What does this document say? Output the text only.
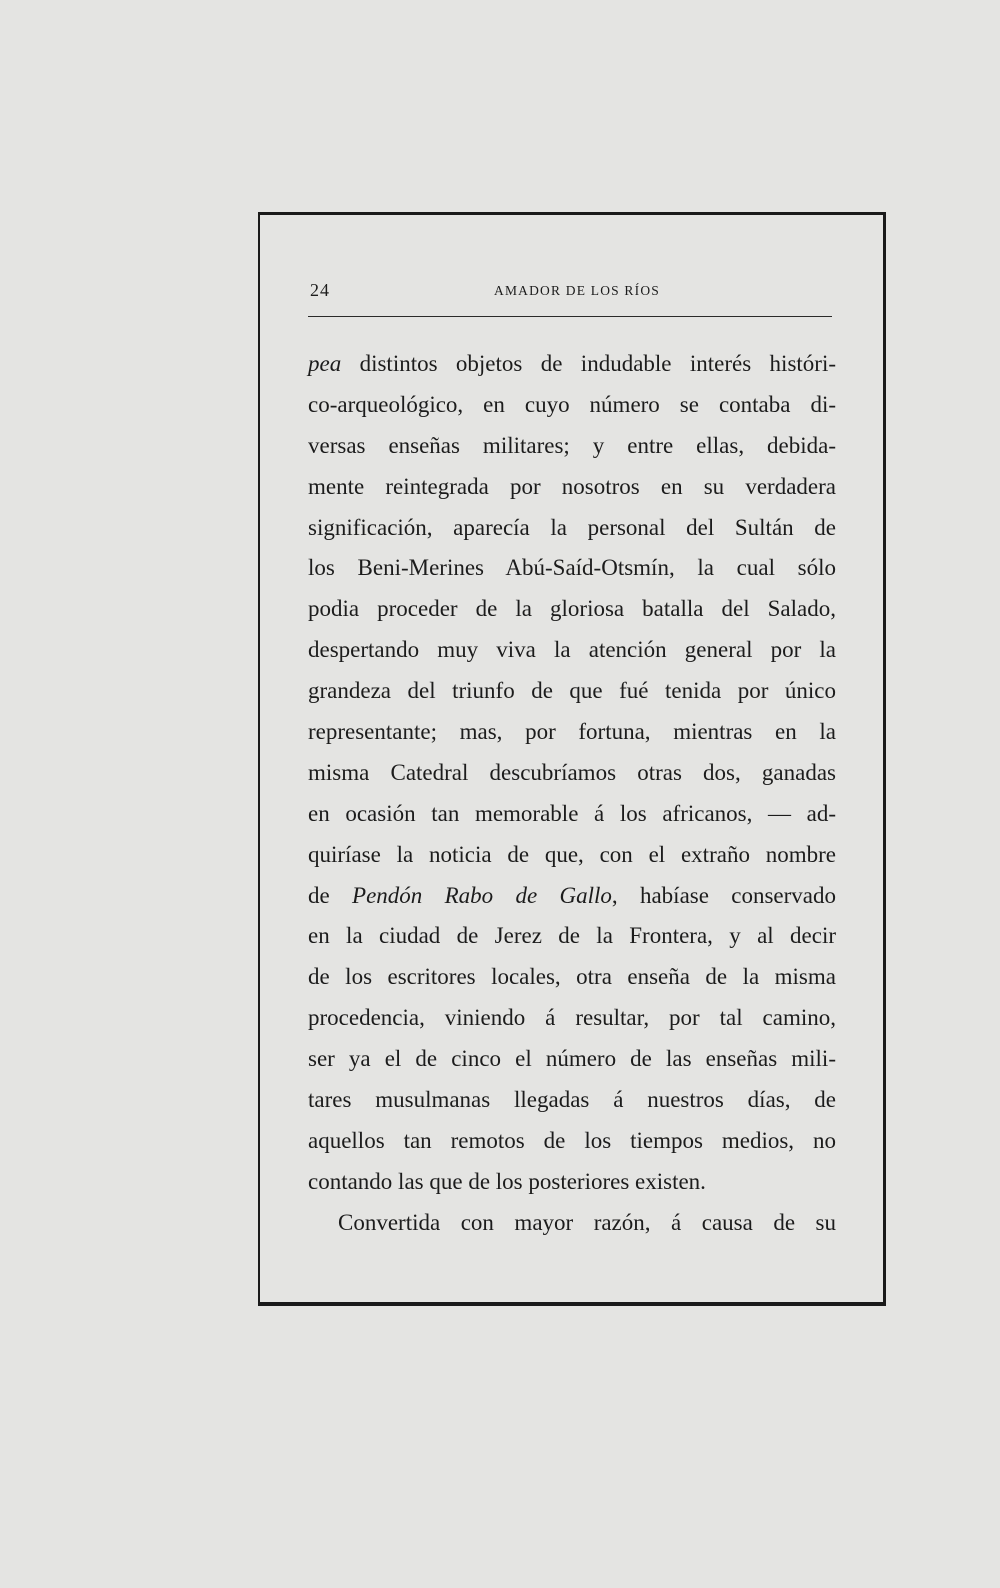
24	AMADOR DE LOS RÍOS
pea distintos objetos de indudable interés históri-
co-arqueológico, en cuyo número se contaba di-
versas enseñas militares; y entre ellas, debida-
mente reintegrada por nosotros en su verdadera
significación, aparecía la personal del Sultán de
los Beni-Merines Abú-Saíd-Otsmín, la cual sólo
podia proceder de la gloriosa batalla del Salado,
despertando muy viva la atención general por la
grandeza del triunfo de que fué tenida por único
representante; mas, por fortuna, mientras en la
misma Catedral descubríamos otras dos, ganadas
en ocasión tan memorable á los africanos, — ad-
quiríase la noticia de que, con el extraño nombre
de Pendón Rabo de Gallo, habíase conservado
en la ciudad de Jerez de la Frontera, y al decir
de los escritores locales, otra enseña de la misma
procedencia, viniendo á resultar, por tal camino,
ser ya el de cinco el número de las enseñas mili-
tares musulmanas llegadas á nuestros días, de
aquellos tan remotos de los tiempos medios, no
contando las que de los posteriores existen.
Convertida con mayor razón, á causa de su
